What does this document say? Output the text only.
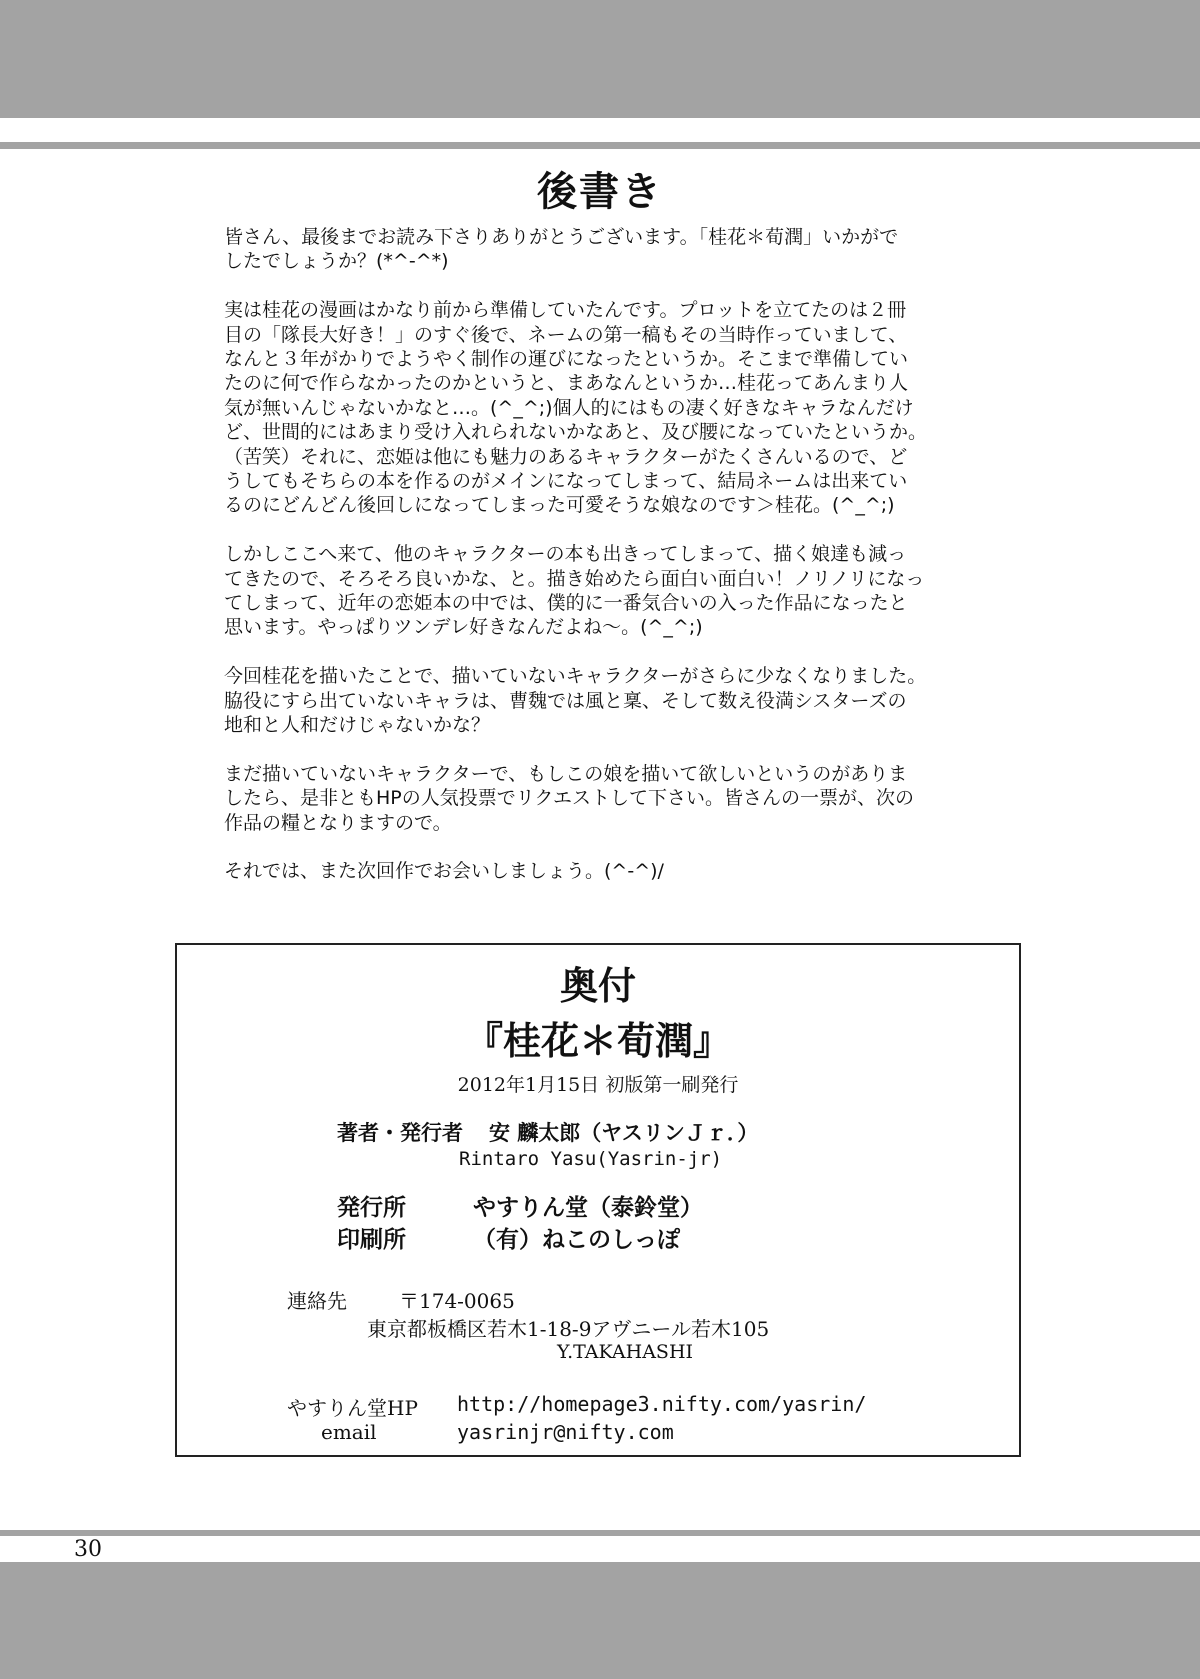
後書き
皆さん、最後までお読み下さりありがとうございます。「桂花＊荀潤」いかがで
したでしょうか？(*^-^*)
実は桂花の漫画はかなり前から準備していたんです。プロットを立てたのは２冊
目の「隊長大好き！」のすぐ後で、ネームの第一稿もその当時作っていまして、
なんと３年がかりでようやく制作の運びになったというか。そこまで準備してい
たのに何で作らなかったのかというと、まあなんというか…桂花ってあんまり人
気が無いんじゃないかなと…。(^_^;)個人的にはもの凄く好きなキャラなんだけ
ど、世間的にはあまり受け入れられないかなあと、及び腰になっていたというか。
（苦笑）それに、恋姫は他にも魅力のあるキャラクターがたくさんいるので、ど
うしてもそちらの本を作るのがメインになってしまって、結局ネームは出来てい
るのにどんどん後回しになってしまった可愛そうな娘なのです＞桂花。(^_^;)
しかしここへ来て、他のキャラクターの本も出きってしまって、描く娘達も減っ
てきたので、そろそろ良いかな、と。描き始めたら面白い面白い！ノリノリになっ
てしまって、近年の恋姫本の中では、僕的に一番気合いの入った作品になったと
思います。やっぱりツンデレ好きなんだよね～。(^_^;)
今回桂花を描いたことで、描いていないキャラクターがさらに少なくなりました。
脇役にすら出ていないキャラは、曹魏では風と稟、そして数え役満シスターズの
地和と人和だけじゃないかな？
まだ描いていないキャラクターで、もしこの娘を描いて欲しいというのがありま
したら、是非ともHPの人気投票でリクエストして下さい。皆さんの一票が、次の
作品の糧となりますので。
それでは、また次回作でお会いしましょう。(^-^)/
奥付
『桂花＊荀潤』
2012年1月15日 初版第一刷発行
著者・発行者 安 麟太郎（ヤスリンＪｒ．）
Rintaro Yasu(Yasrin-jr)
発行所	やすりん堂（泰鈴堂）
印刷所	（有）ねこのしっぽ
連絡先	〒174-0065
東京都板橋区若木1-18-9アヴニール若木105
Y.TAKAHASHI
やすりん堂HP http://homepage3.nifty.com/yasrin/
email	yasrinjr@nifty.com
30
